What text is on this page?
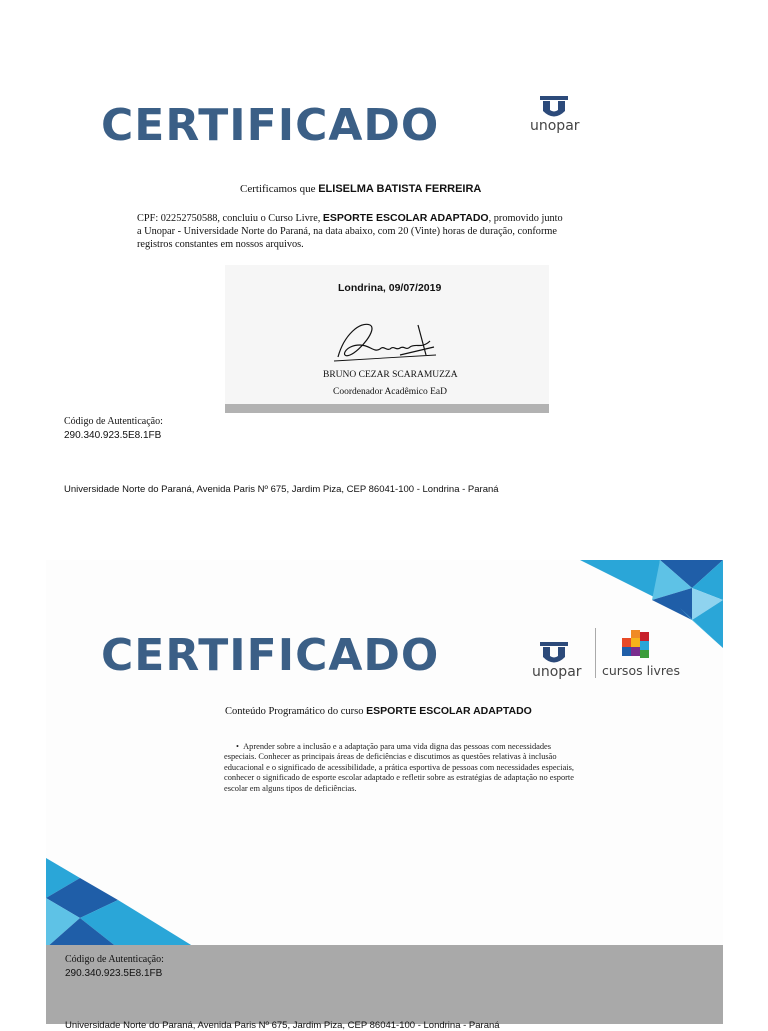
CERTIFICADO	unopar
Certificamos que ELISELMA BATISTA FERREIRA
CPF: 02252750588, concluiu o Curso Livre, ESPORTE ESCOLAR ADAPTADO, promovido junto
a Unopar - Universidade Norte do Paraná, na data abaixo, com 20 (Vinte) horas de duração, conforme
registros constantes em nossos arquivos.
Londrina, 09/07/2019
BRUNO CEZAR SCARAMUZZA
Coordenador Acadêmico EaD
Código de Autenticação:
290.340.923.5E8.1FB
Universidade Norte do Paraná, Avenida Paris Nº 675, Jardim Piza, CEP 86041-100 - Londrina - Paraná
CERTIFICADO	unopar cursos livres
Conteúdo Programático do curso ESPORTE ESCOLAR ADAPTADO
•  Aprender sobre a inclusão e a adaptação para uma vida digna das pessoas com necessidades
especiais. Conhecer as principais áreas de deficiências e discutimos as questões relativas à inclusão
educacional e o significado de acessibilidade, a prática esportiva de pessoas com necessidades especiais,
conhecer o significado de esporte escolar adaptado e refletir sobre as estratégias de adaptação no esporte
escolar em alguns tipos de deficiências.
Código de Autenticação:
290.340.923.5E8.1FB
Universidade Norte do Paraná, Avenida Paris Nº 675, Jardim Piza, CEP 86041-100 - Londrina - Paraná
